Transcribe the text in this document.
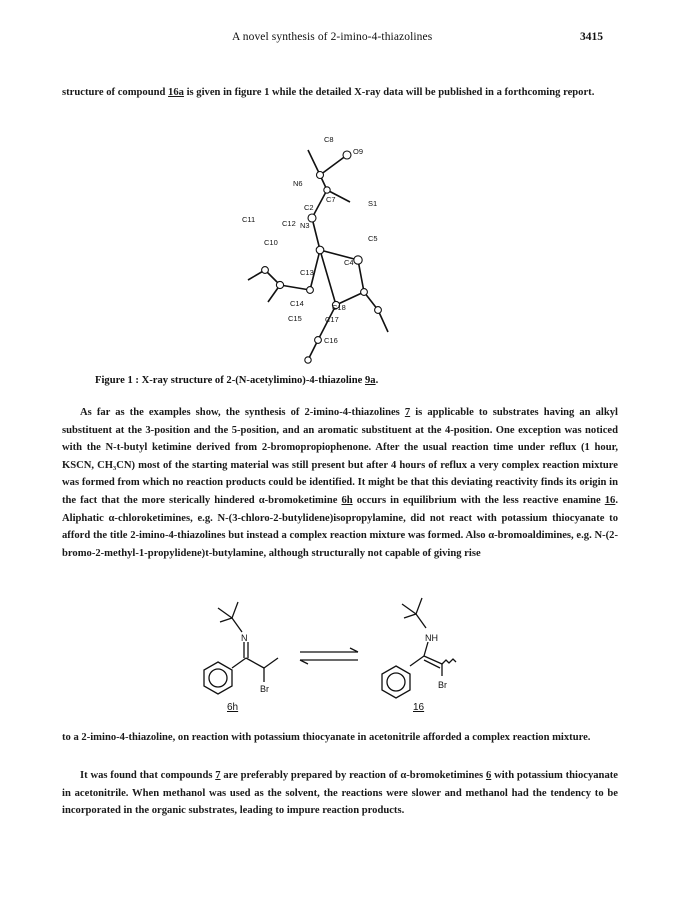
A novel synthesis of 2-imino-4-thiazolines	3415

structure of compound 16a is given in figure 1 while the detailed X-ray data will be published in a forthcoming report.

C8
O9
C7
N6
C2	S1
C11	C12 N3
C10	C5
C4
C13
C14	C18
C15	C17
C16
Figure 1 : X-ray structure of 2-(N-acetylimino)-4-thiazoline 9a.

As far as the examples show, the synthesis of 2-imino-4-thiazolines 7 is applicable to substrates having an alkyl substituent at the 3-position and the 5-position, and an aromatic substituent at the 4-position. One exception was noticed with the N-t-butyl ketimine derived from 2-bromopropiophenone. After the usual reaction time under reflux (1 hour, KSCN, CH₃CN) most of the starting material was still present but after 4 hours of reflux a very complex reaction mixture was formed from which no reaction products could be identified. It might be that this deviating reactivity finds its origin in the fact that the more sterically hindered α-bromoketimine 6h occurs in equilibrium with the less reactive enamine 16. Aliphatic α-chloroketimines, e.g. N-(3-chloro-2-butylidene)isopropylamine, did not react with potassium thiocyanate to afford the title 2-imino-4-thiazolines but instead a complex reaction mixture was formed. Also α-bromoaldimines, e.g. N-(2-bromo-2-methyl-1-propylidene)t-butylamine, although structurally not capable of giving rise

N
Br
NH
Br
6h	16

to a 2-imino-4-thiazoline, on reaction with potassium thiocyanate in acetonitrile afforded a complex reaction mixture.

It was found that compounds 7 are preferably prepared by reaction of α-bromoketimines 6 with potassium thiocyanate in acetonitrile. When methanol was used as the solvent, the reactions were slower and methanol had the tendency to be incorporated in the organic substrates, leading to impure reaction products.
